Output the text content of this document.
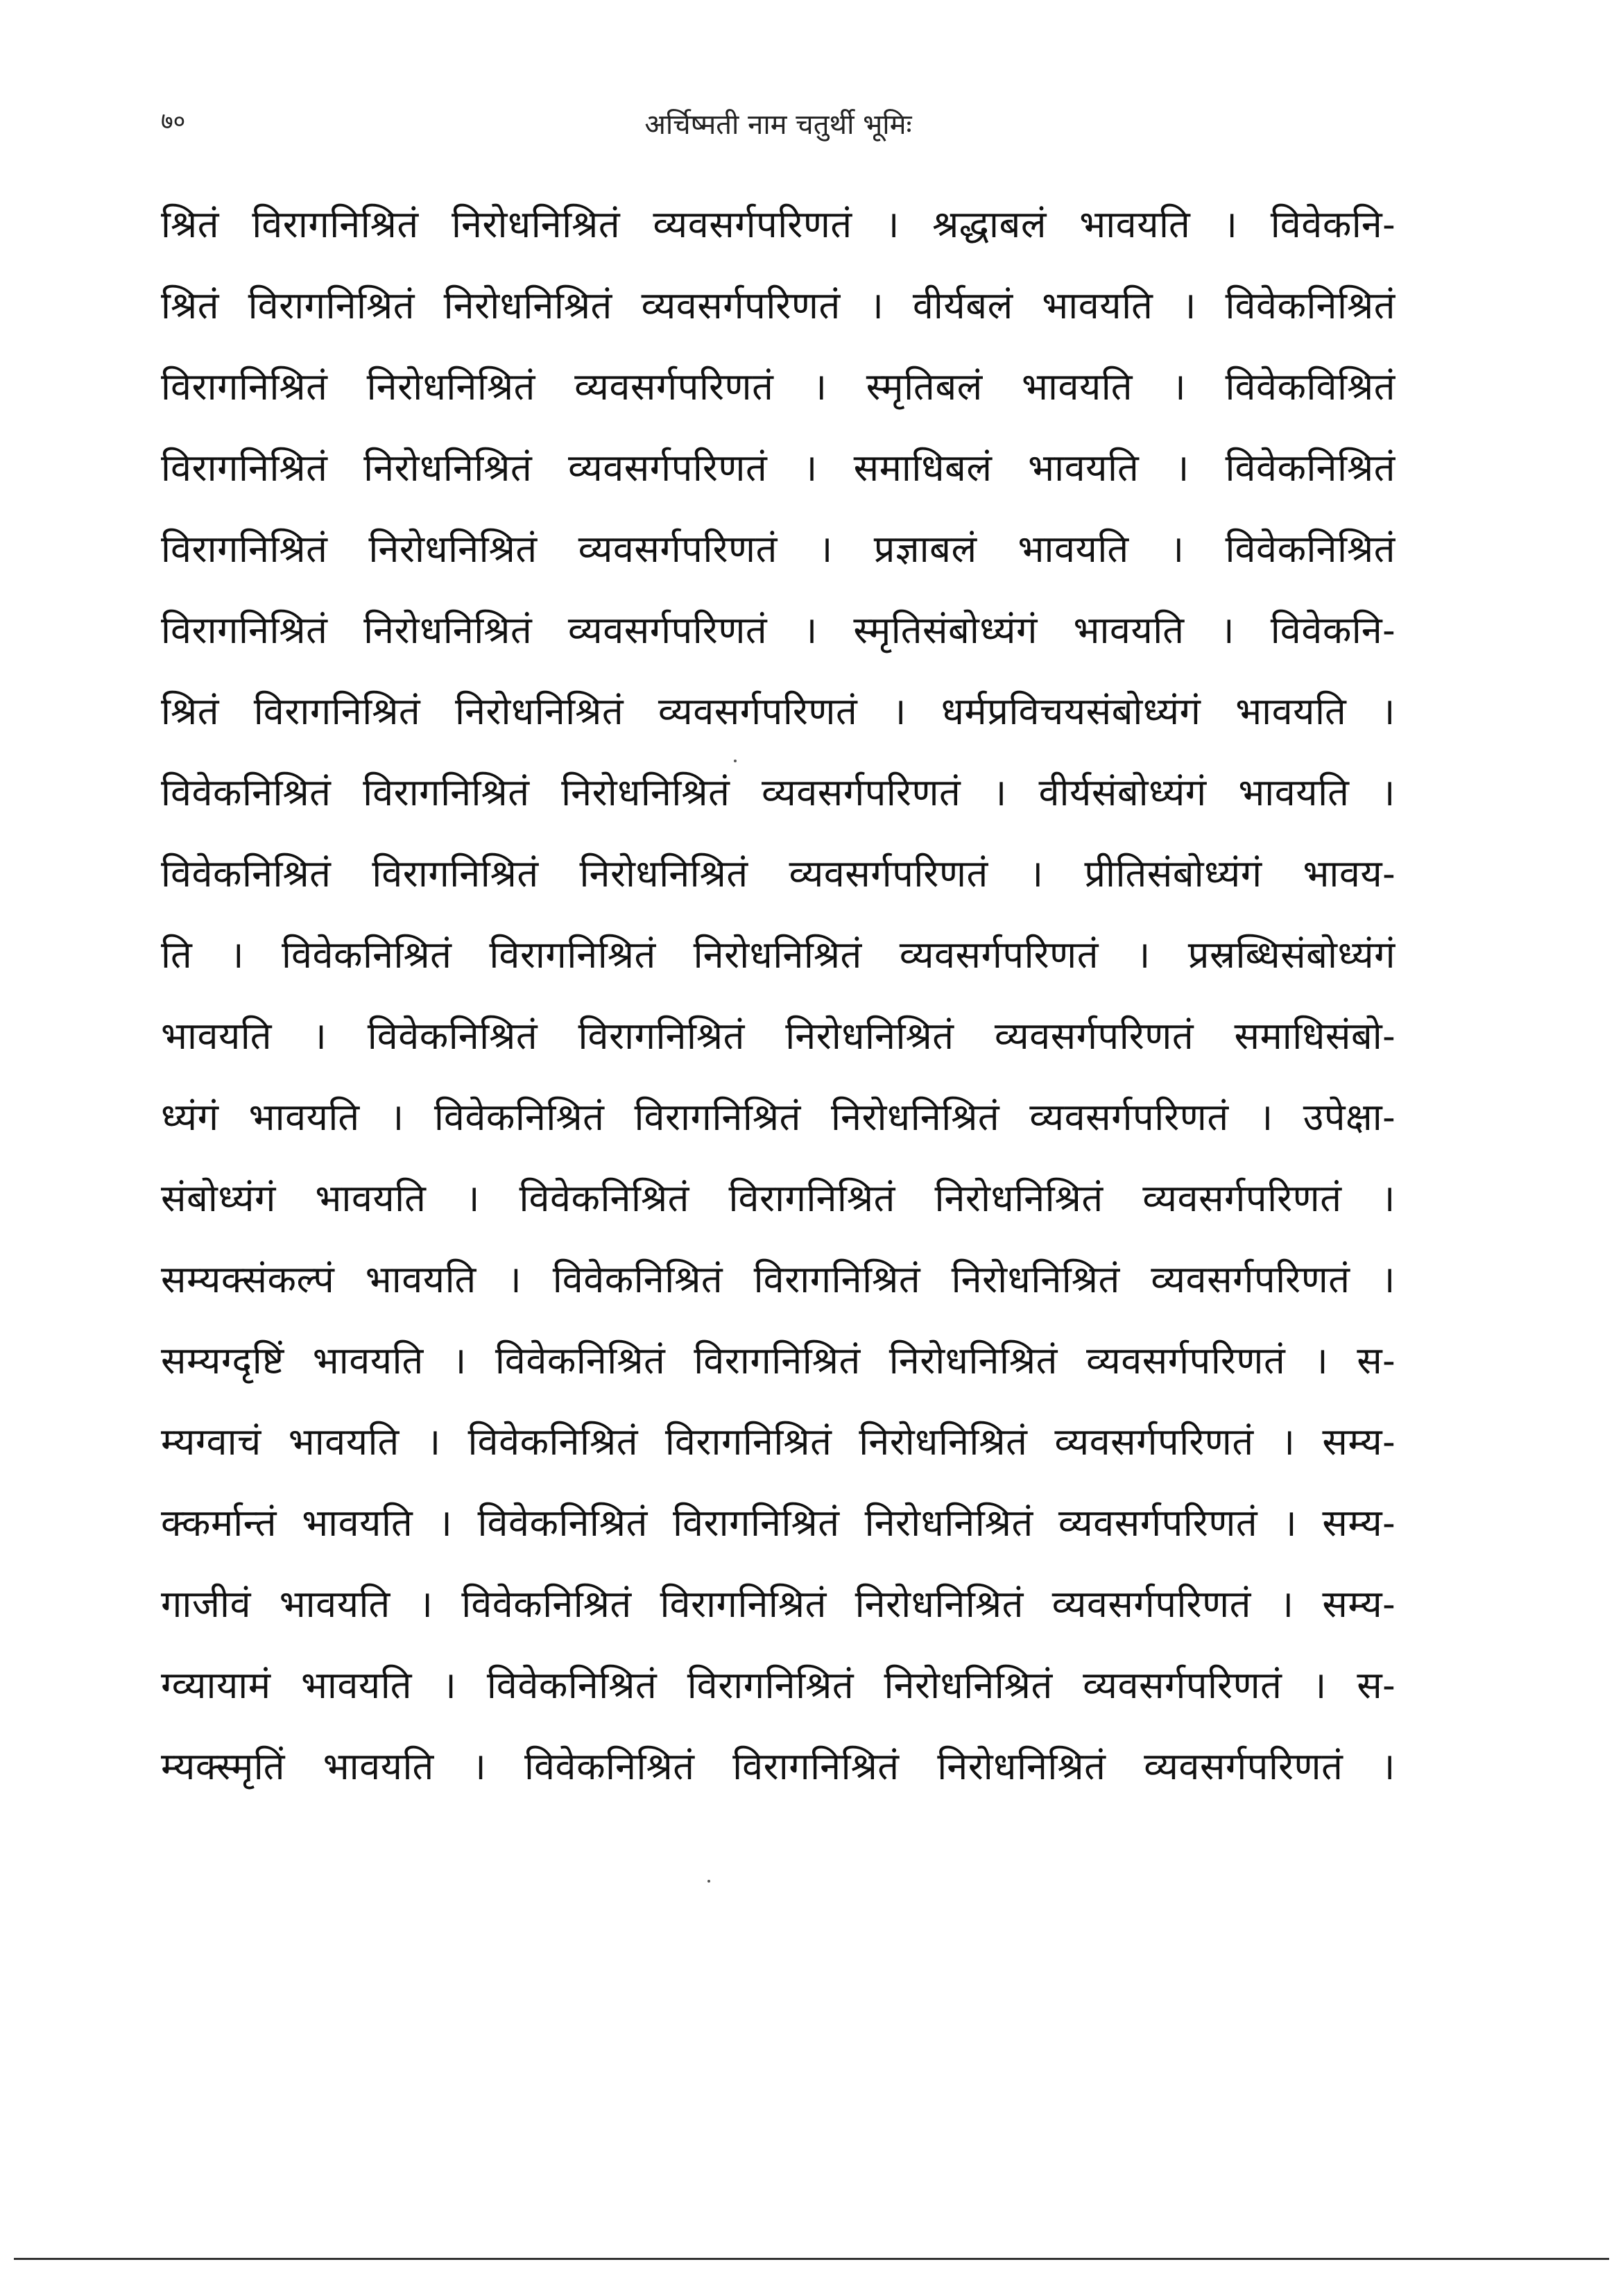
७०	अर्चिष्मती नाम चतुर्थी भूमिः
श्रितं विरागनिश्रितं निरोधनिश्रितं व्यवसर्गपरिणतं । श्रद्धाबलं भावयति । विवेकनि-
श्रितं विरागनिश्रितं निरोधनिश्रितं व्यवसर्गपरिणतं । वीर्यबलं भावयति । विवेकनिश्रितं
विरागनिश्रितं निरोधनिश्रितं व्यवसर्गपरिणतं । स्मृतिबलं भावयति । विवेकविश्रितं
विरागनिश्रितं निरोधनिश्रितं व्यवसर्गपरिणतं । समाधिबलं भावयति । विवेकनिश्रितं
विरागनिश्रितं निरोधनिश्रितं व्यवसर्गपरिणतं । प्रज्ञाबलं भावयति । विवेकनिश्रितं
विरागनिश्रितं निरोधनिश्रितं व्यवसर्गपरिणतं । स्मृतिसंबोध्यंगं भावयति । विवेकनि-
श्रितं विरागनिश्रितं निरोधनिश्रितं व्यवसर्गपरिणतं । धर्मप्रविचयसंबोध्यंगं भावयति ।
विवेकनिश्रितं विरागनिश्रितं निरोधनिश्रितं व्यवसर्गपरिणतं । वीर्यसंबोध्यंगं भावयति ।
विवेकनिश्रितं विरागनिश्रितं निरोधनिश्रितं व्यवसर्गपरिणतं । प्रीतिसंबोध्यंगं भावय-
ति । विवेकनिश्रितं विरागनिश्रितं निरोधनिश्रितं व्यवसर्गपरिणतं । प्रस्रब्धिसंबोध्यंगं
भावयति । विवेकनिश्रितं विरागनिश्रितं निरोधनिश्रितं व्यवसर्गपरिणतं समाधिसंबो-
ध्यंगं भावयति । विवेकनिश्रितं विरागनिश्रितं निरोधनिश्रितं व्यवसर्गपरिणतं । उपेक्षा-
संबोध्यंगं भावयति । विवेकनिश्रितं विरागनिश्रितं निरोधनिश्रितं व्यवसर्गपरिणतं ।
सम्यक्संकल्पं भावयति । विवेकनिश्रितं विरागनिश्रितं निरोधनिश्रितं व्यवसर्गपरिणतं ।
सम्यग्दृष्टिं भावयति । विवेकनिश्रितं विरागनिश्रितं निरोधनिश्रितं व्यवसर्गपरिणतं । स-
म्यग्वाचं भावयति । विवेकनिश्रितं विरागनिश्रितं निरोधनिश्रितं व्यवसर्गपरिणतं । सम्य-
क्कर्मान्तं भावयति । विवेकनिश्रितं विरागनिश्रितं निरोधनिश्रितं व्यवसर्गपरिणतं । सम्य-
गाजीवं भावयति । विवेकनिश्रितं विरागनिश्रितं निरोधनिश्रितं व्यवसर्गपरिणतं । सम्य-
ग्व्यायामं भावयति । विवेकनिश्रितं विरागनिश्रितं निरोधनिश्रितं व्यवसर्गपरिणतं । स-
म्यक्स्मृतिं भावयति । विवेकनिश्रितं विरागनिश्रितं निरोधनिश्रितं व्यवसर्गपरिणतं ।
